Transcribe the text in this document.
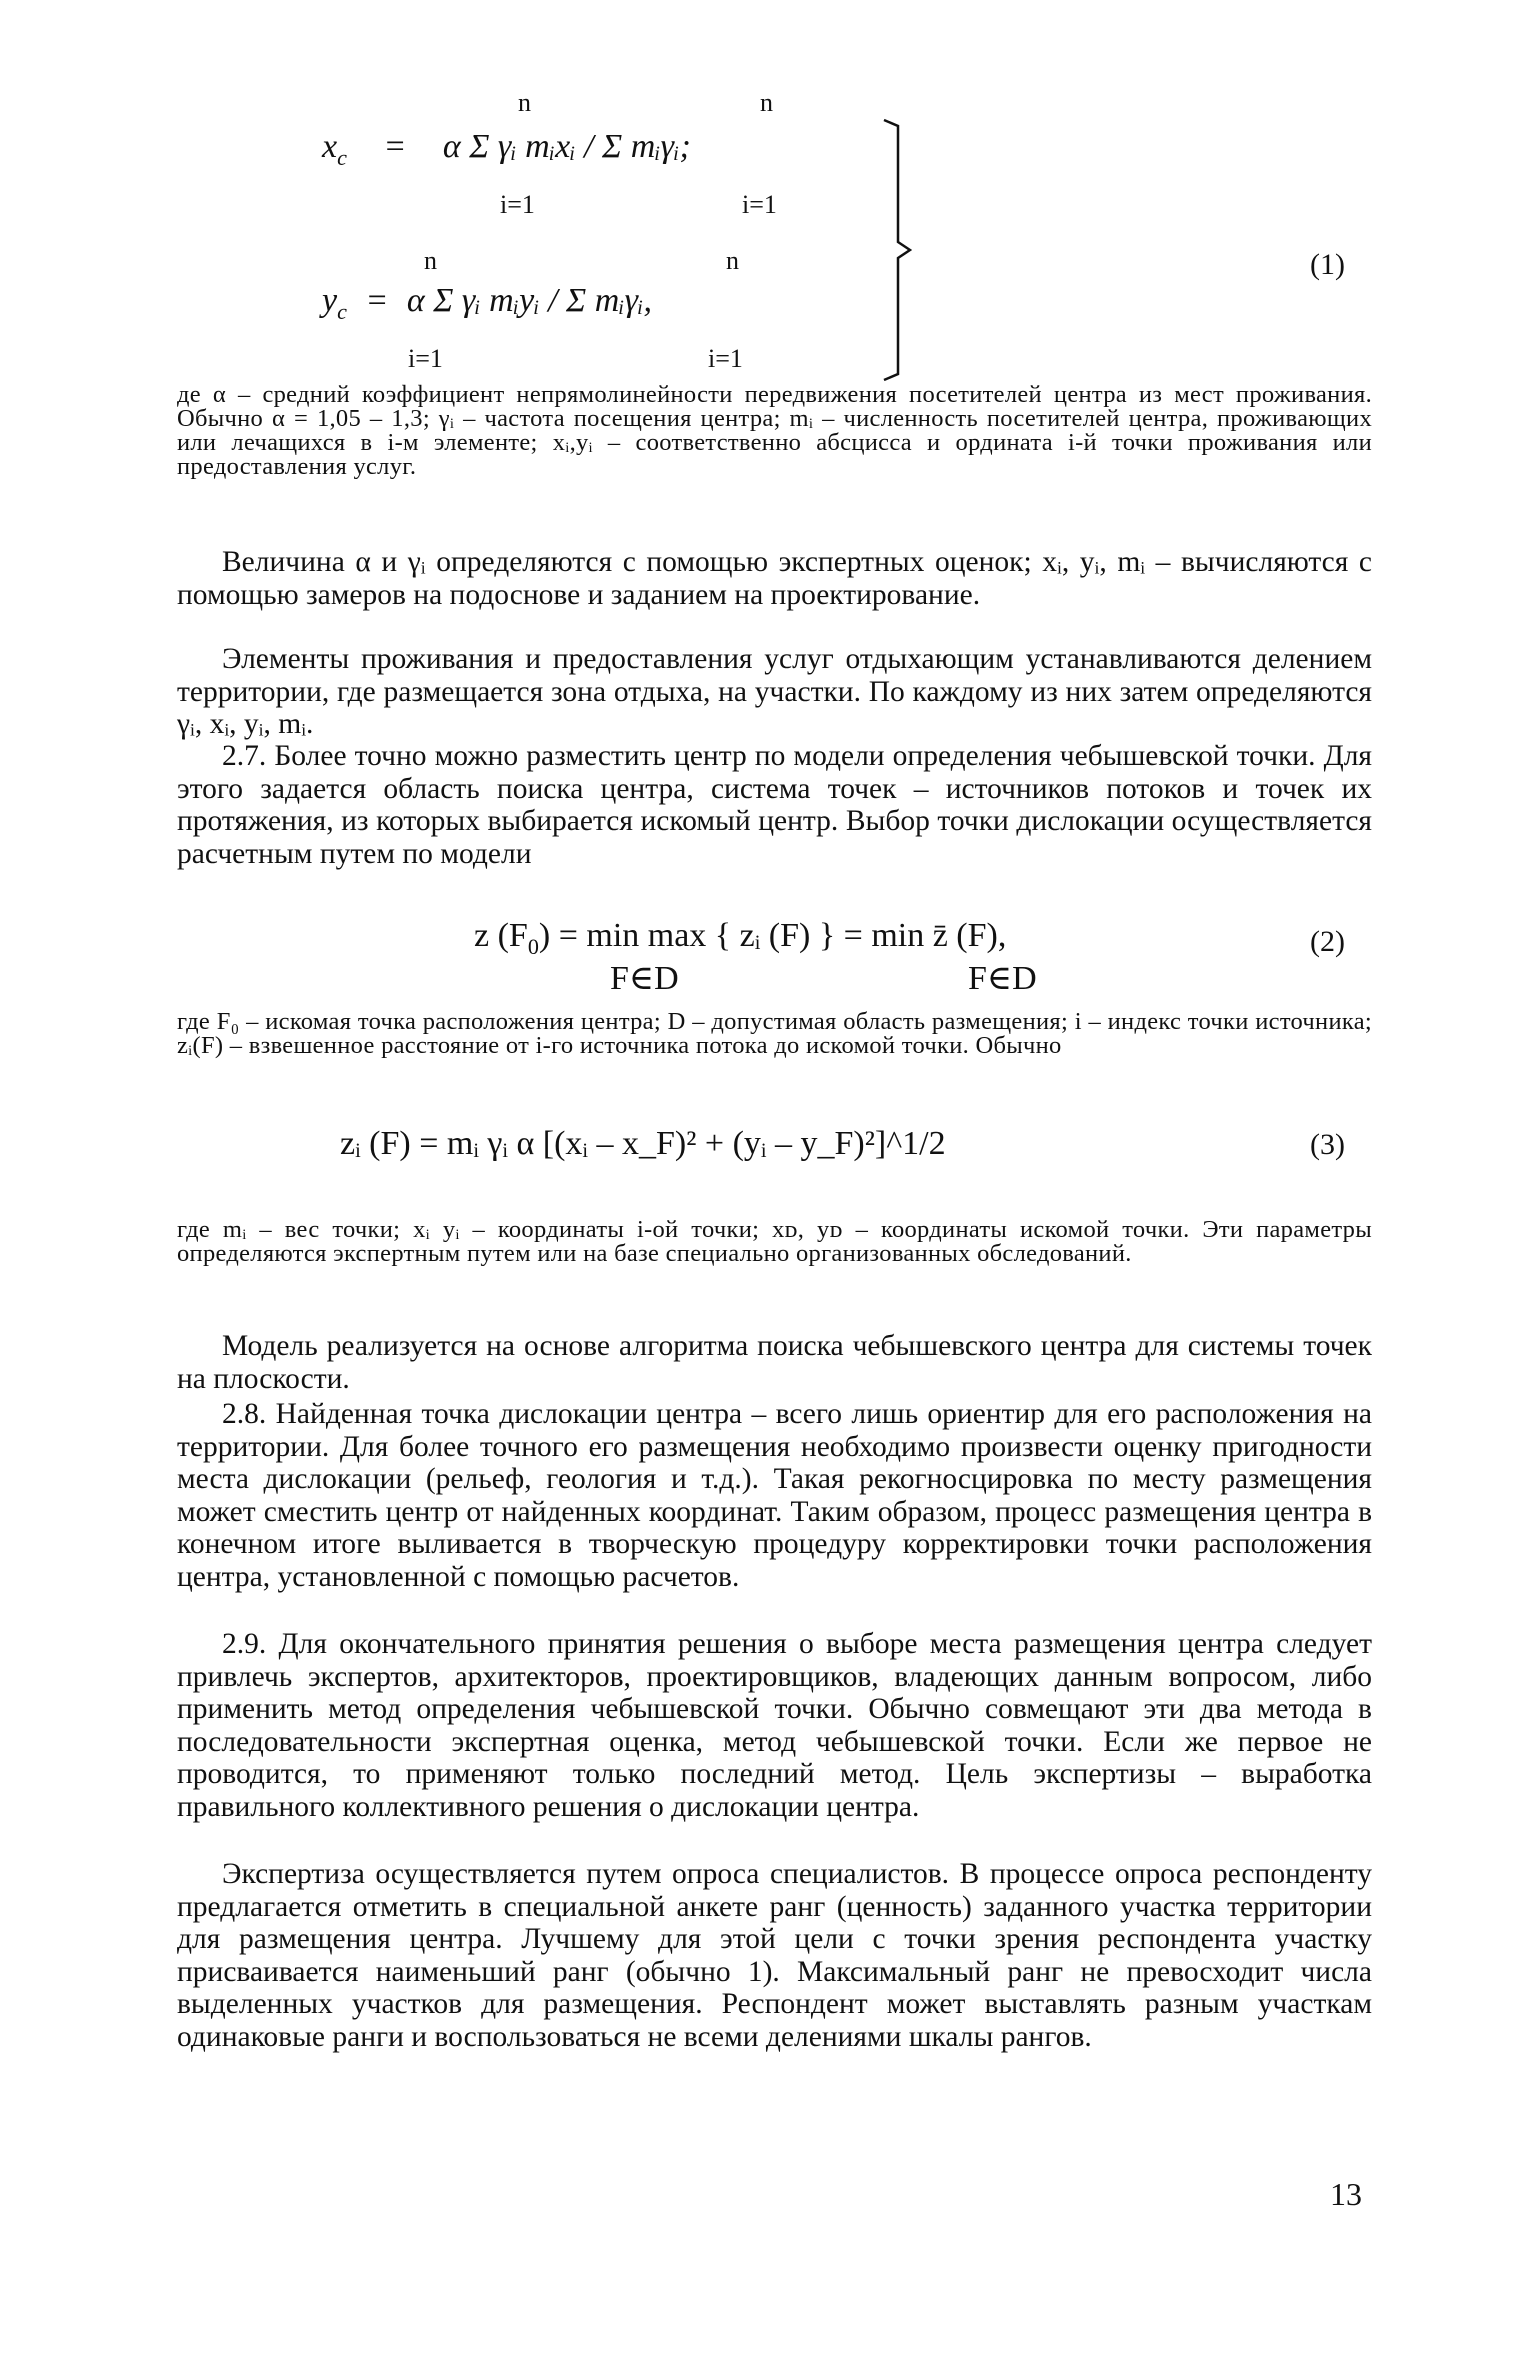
$x_c = \alpha$ Σ γᵢ mᵢxᵢ / Σ mᵢγᵢ;
n
i=1
n
i=1
$y_c = \alpha$ Σ γᵢ mᵢyᵢ / Σ mᵢγᵢ,
n
i=1
n
i=1
(1)

де α – средний коэффициент непрямолинейности передвижения посетителей центра из мест проживания. Обычно α = 1,05 – 1,3; γᵢ – частота посещения центра; mᵢ – численность посетителей центра, проживающих или лечащихся в i-м элементе; xᵢ,yᵢ – соответственно абсцисса и ордината i-й точки проживания или предоставления услуг.

Величина α и γᵢ определяются с помощью экспертных оценок; xᵢ, yᵢ, mᵢ – вычисляются с помощью замеров на подоснове и заданием на проектирование.

Элементы проживания и предоставления услуг отдыхающим устанавливаются делением территории, где размещается зона отдыха, на участки. По каждому из них затем определяются γᵢ, xᵢ, yᵢ, mᵢ.

2.7. Более точно можно разместить центр по модели определения чебышевской точки. Для этого задается область поиска центра, система точек – источников потоков и точек их протяжения, из которых выбирается искомый центр. Выбор точки дислокации осуществляется расчетным путем по модели

z $(F_0) = \min \max$ { zᵢ (F) } = min z̄ (F),
F∈D	F∈D
(2)

где F₀ – искомая точка расположения центра; D – допустимая область размещения; i – индекс точки источника; zᵢ(F) – взвешенное расстояние от i-го источника потока до искомой точки. Обычно

zᵢ (F) = mᵢ γᵢ α [(xᵢ – x_F)² + (yᵢ – y_F)²]^1/2	(3)

где mᵢ – вес точки; xᵢ yᵢ – координаты i-ой точки; xᴅ, yᴅ – координаты искомой точки. Эти параметры определяются экспертным путем или на базе специально организованных обследований.

Модель реализуется на основе алгоритма поиска чебышевского центра для системы точек на плоскости.

2.8. Найденная точка дислокации центра – всего лишь ориентир для его расположения на территории. Для более точного его размещения необходимо произвести оценку пригодности места дислокации (рельеф, геология и т.д.). Такая рекогносцировка по месту размещения может сместить центр от найденных координат. Таким образом, процесс размещения центра в конечном итоге выливается в творческую процедуру корректировки точки расположения центра, установленной с помощью расчетов.

2.9. Для окончательного принятия решения о выборе места размещения центра следует привлечь экспертов, архитекторов, проектировщиков, владеющих данным вопросом, либо применить метод определения чебышевской точки. Обычно совмещают эти два метода в последовательности экспертная оценка, метод чебышевской точки. Если же первое не проводится, то применяют только последний метод. Цель экспертизы – выработка правильного коллективного решения о дислокации центра.

Экспертиза осуществляется путем опроса специалистов. В процессе опроса респонденту предлагается отметить в специальной анкете ранг (ценность) заданного участка территории для размещения центра. Лучшему для этой цели с точки зрения респондента участку присваивается наименьший ранг (обычно 1). Максимальный ранг не превосходит числа выделенных участков для размещения. Респондент может выставлять разным участкам одинаковые ранги и воспользоваться не всеми делениями шкалы рангов.

13
